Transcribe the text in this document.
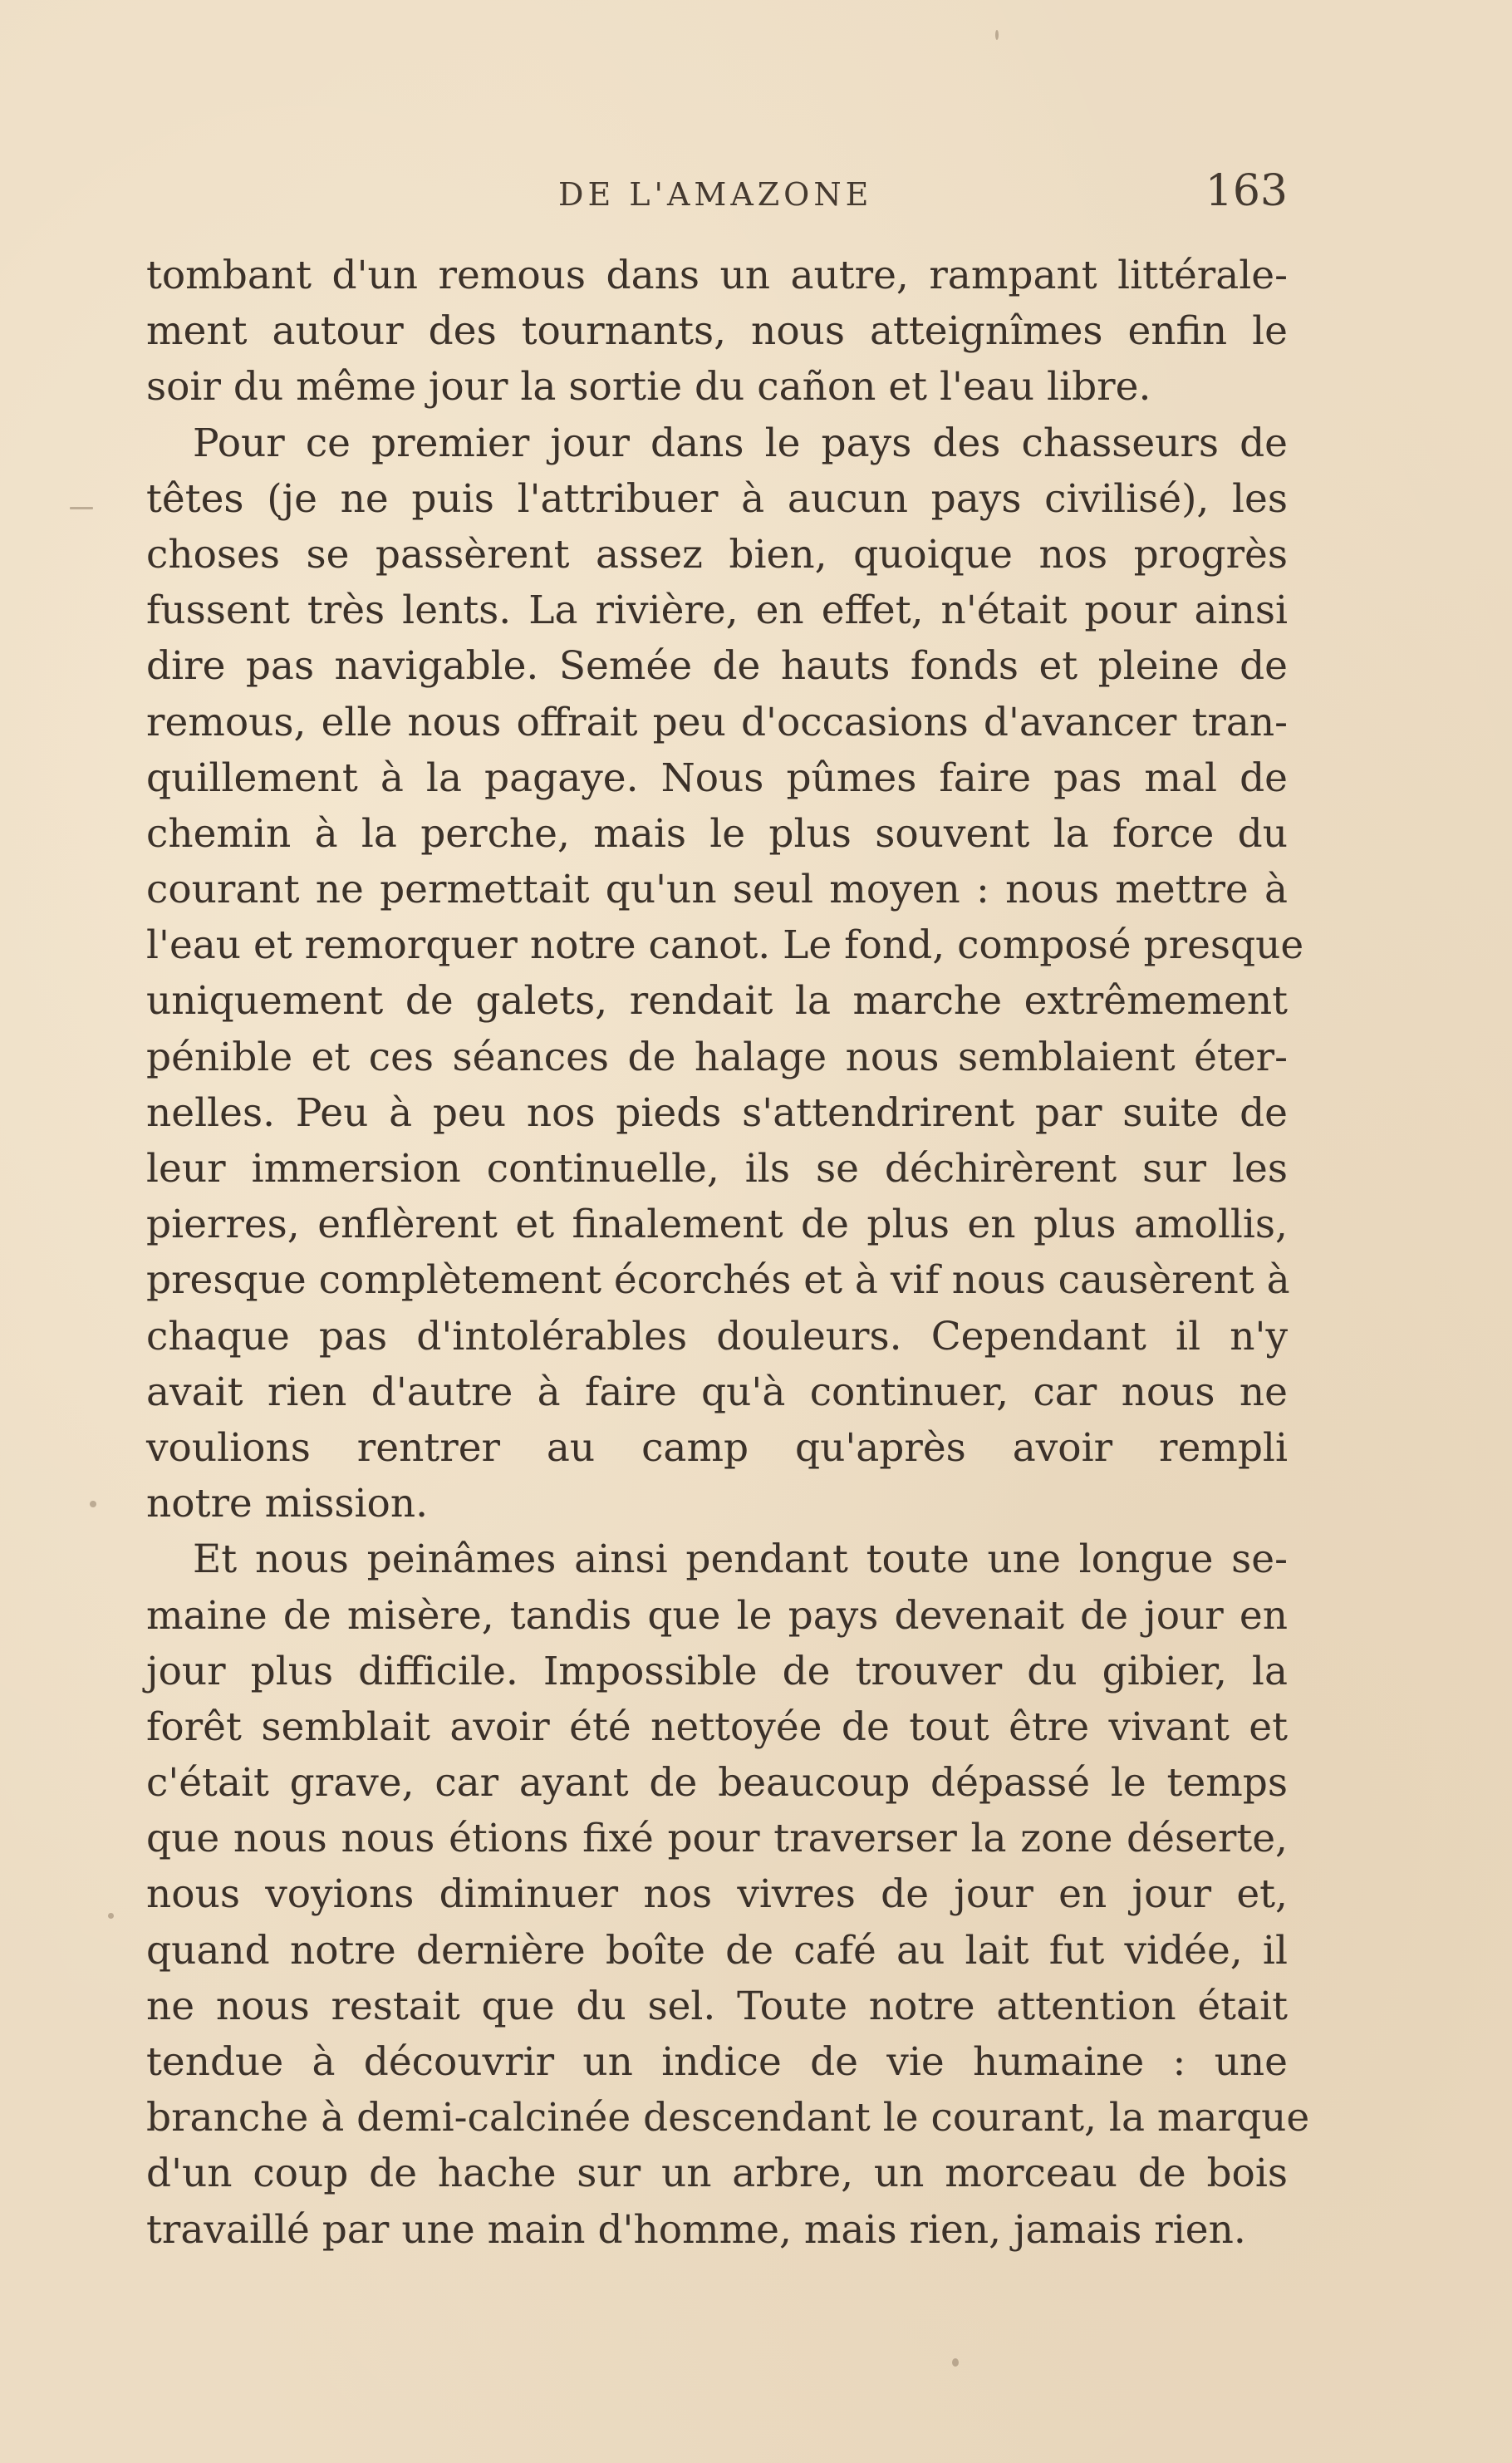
DE L'AMAZONE	163
tombant d'un remous dans un autre, rampant littérale-
ment autour des tournants, nous atteignîmes enfin le
soir du même jour la sortie du cañon et l'eau libre.
Pour ce premier jour dans le pays des chasseurs de
têtes (je ne puis l'attribuer à aucun pays civilisé), les
choses se passèrent assez bien, quoique nos progrès
fussent très lents. La rivière, en effet, n'était pour ainsi
dire pas navigable. Semée de hauts fonds et pleine de
remous, elle nous offrait peu d'occasions d'avancer tran-
quillement à la pagaye. Nous pûmes faire pas mal de
chemin à la perche, mais le plus souvent la force du
courant ne permettait qu'un seul moyen : nous mettre à
l'eau et remorquer notre canot. Le fond, composé presque
uniquement de galets, rendait la marche extrêmement
pénible et ces séances de halage nous semblaient éter-
nelles. Peu à peu nos pieds s'attendrirent par suite de
leur immersion continuelle, ils se déchirèrent sur les
pierres, enflèrent et finalement de plus en plus amollis,
presque complètement écorchés et à vif nous causèrent à
chaque pas d'intolérables douleurs. Cependant il n'y
avait rien d'autre à faire qu'à continuer, car nous ne
voulions rentrer au camp qu'après avoir rempli
notre mission.
Et nous peinâmes ainsi pendant toute une longue se-
maine de misère, tandis que le pays devenait de jour en
jour plus difficile. Impossible de trouver du gibier, la
forêt semblait avoir été nettoyée de tout être vivant et
c'était grave, car ayant de beaucoup dépassé le temps
que nous nous étions fixé pour traverser la zone déserte,
nous voyions diminuer nos vivres de jour en jour et,
quand notre dernière boîte de café au lait fut vidée, il
ne nous restait que du sel. Toute notre attention était
tendue à découvrir un indice de vie humaine : une
branche à demi-calcinée descendant le courant, la marque
d'un coup de hache sur un arbre, un morceau de bois
travaillé par une main d'homme, mais rien, jamais rien.
